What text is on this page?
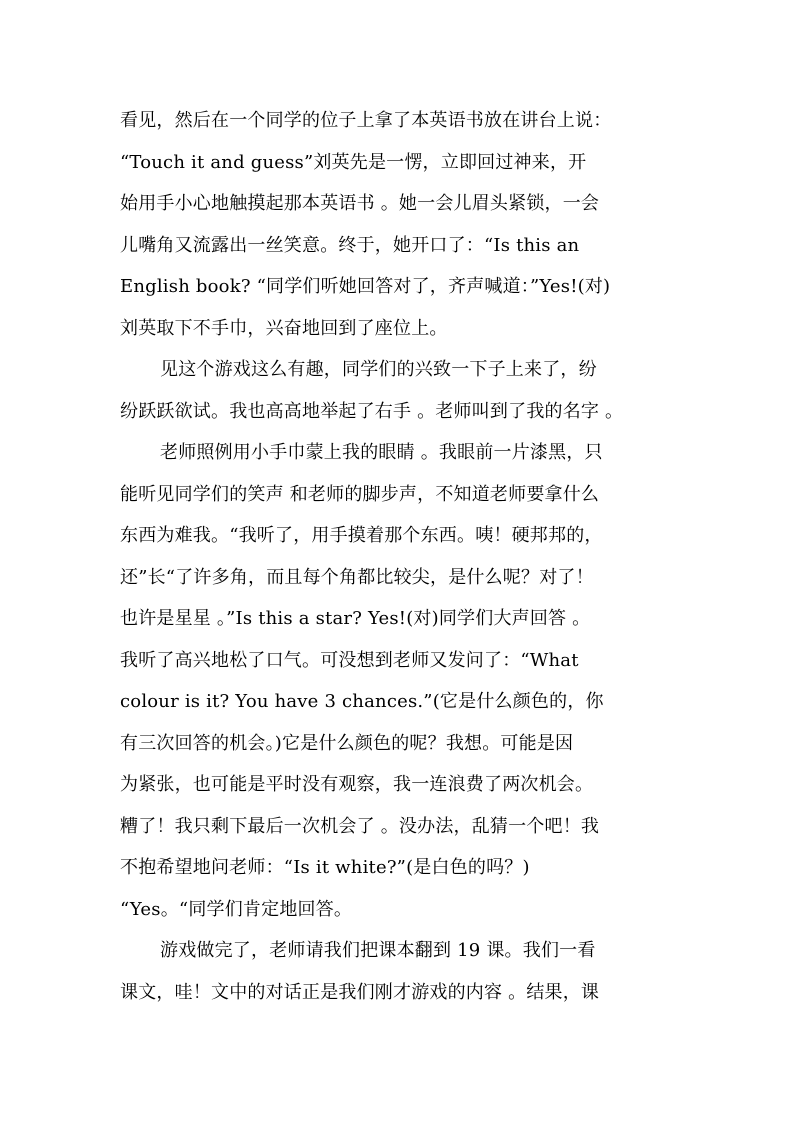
看见，然后在一个同学的位子上拿了本英语书放在讲台上说：
“Touch it and guess”刘英先是一愣，立即回过神来，开
始用手小心地触摸起那本英语书 。她一会儿眉头紧锁，一会
儿嘴角又流露出一丝笑意。终于，她开口了：“Is this an
English book? “同学们听她回答对了，齐声喊道：”Yes!(对)
刘英取下不手巾，兴奋地回到了座位上。
见这个游戏这么有趣，同学们的兴致一下子上来了，纷
纷跃跃欲试。我也高高地举起了右手 。老师叫到了我的名字 。
老师照例用小手巾蒙上我的眼睛 。我眼前一片漆黑，只
能听见同学们的笑声 和老师的脚步声，不知道老师要拿什么
东西为难我。“我听了，用手摸着那个东西。咦！硬邦邦的，
还”长“了许多角，而且每个角都比较尖，是什么呢？对了！
也许是星星 。”Is this a star? Yes!(对)同学们大声回答 。
我听了高兴地松了口气。可没想到老师又发问了：“What
colour is it? You have 3 chances.”(它是什么颜色的，你
有三次回答的机会。)它是什么颜色的呢？我想。可能是因
为紧张，也可能是平时没有观察，我一连浪费了两次机会。
糟了！我只剩下最后一次机会了 。没办法，乱猜一个吧！我
不抱希望地问老师：“Is it white?”(是白色的吗？)
“Yes。“同学们肯定地回答。
游戏做完了，老师请我们把课本翻到 19 课。我们一看
课文，哇！文中的对话正是我们刚才游戏的内容 。结果，课
